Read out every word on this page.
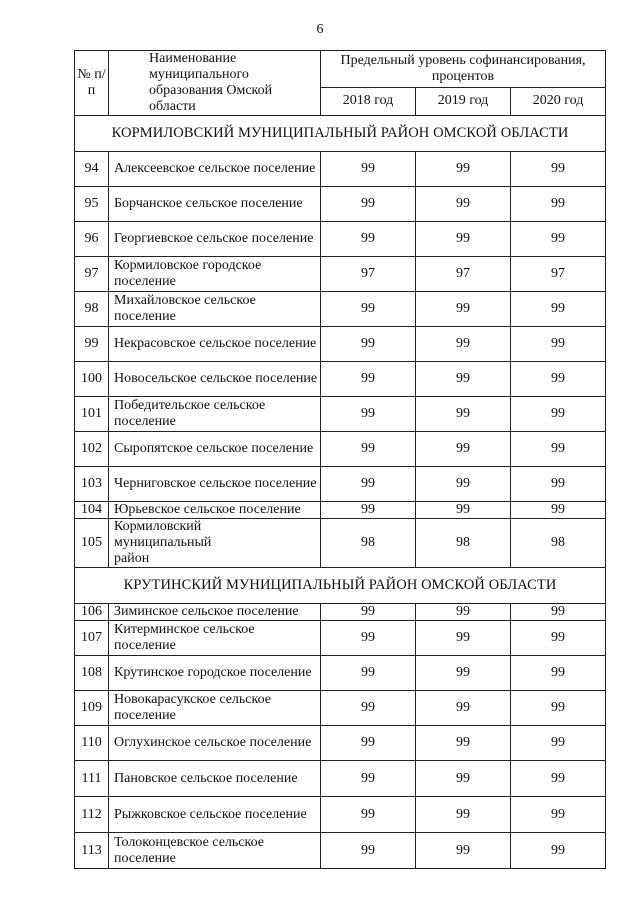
6
№ п/п	Наименование муниципального образования Омской области	Предельный уровень софинансирования, процентов		
		2018 год	2019 год	2020 год
КОРМИЛОВСКИЙ МУНИЦИПАЛЬНЫЙ РАЙОН ОМСКОЙ ОБЛАСТИ				
94	Алексеевское сельское поселение	99	99	99
95	Борчанское сельское поселение	99	99	99
96	Георгиевское сельское поселение	99	99	99
97	Кормиловское городское поселение	97	97	97
98	Михайловское сельское поселение	99	99	99
99	Некрасовское сельское поселение	99	99	99
100	Новосельское сельское поселение	99	99	99
101	Победительское сельское поселение	99	99	99
102	Сыропятское сельское поселение	99	99	99
103	Черниговское сельское поселение	99	99	99
104	Юрьевское сельское поселение	99	99	99
105	Кормиловский муниципальный район	98	98	98
КРУТИНСКИЙ МУНИЦИПАЛЬНЫЙ РАЙОН ОМСКОЙ ОБЛАСТИ				
106	Зиминское сельское поселение	99	99	99
107	Китерминское сельское поселение	99	99	99
108	Крутинское городское поселение	99	99	99
109	Новокарасукское сельское поселение	99	99	99
110	Оглухинское сельское поселение	99	99	99
111	Пановское сельское поселение	99	99	99
112	Рыжковское сельское поселение	99	99	99
113	Толоконцевское сельское поселение	99	99	99
